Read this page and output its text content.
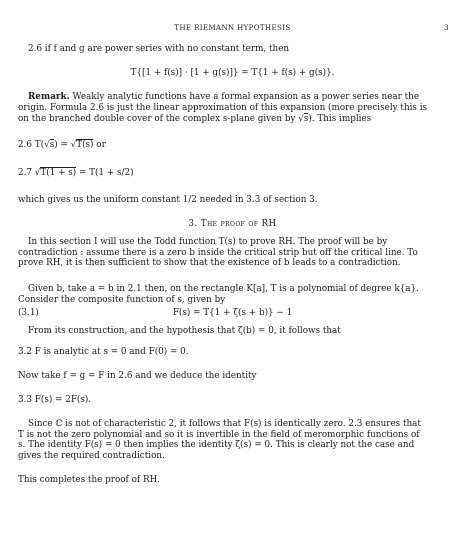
THE RIEMANN HYPOTHESIS	3
2.6 if f and g are power series with no constant term, then
T{[1 + f(s)] · [1 + g(s)]} = T{1 + f(s) + g(s)}.
Remark. Weakly analytic functions have a formal expansion as a power series near the
origin. Formula 2.6 is just the linear approximation of this expansion (more precisely this is
on the branched double cover of the complex s-plane given by √s). This implies
2.6 T(√s) = √T(s) or
2.7 √T(1 + s) = T(1 + s/2)
which gives us the uniform constant 1/2 needed in 3.3 of section 3.
3. The proof of RH
In this section I will use the Todd function T(s) to prove RH. The proof will be by
contradiction : assume there is a zero b inside the critical strip but off the critical line. To
prove RH, it is then sufficient to show that the existence of b leads to a contradiction.
Given b, take a = b in 2.1 then, on the rectangle K[a], T is a polynomial of degree k{a}.
Consider the composite function of s, given by
(3.1)	F(s) = T{1 + ζ(s + b)} − 1
From its construction, and the hypothesis that ζ(b) = 0, it follows that
3.2 F is analytic at s = 0 and F(0) = 0.
Now take f = g = F in 2.6 and we deduce the identity
3.3 F(s) = 2F(s).
Since ℂ is not of characteristic 2, it follows that F(s) is identically zero. 2.3 ensures that
T is not the zero polynomial and so it is invertible in the field of meromorphic functions of
s. The identity F(s) = 0 then implies the identity ζ(s) = 0. This is clearly not the case and
gives the required contradiction.
This completes the proof of RH.
